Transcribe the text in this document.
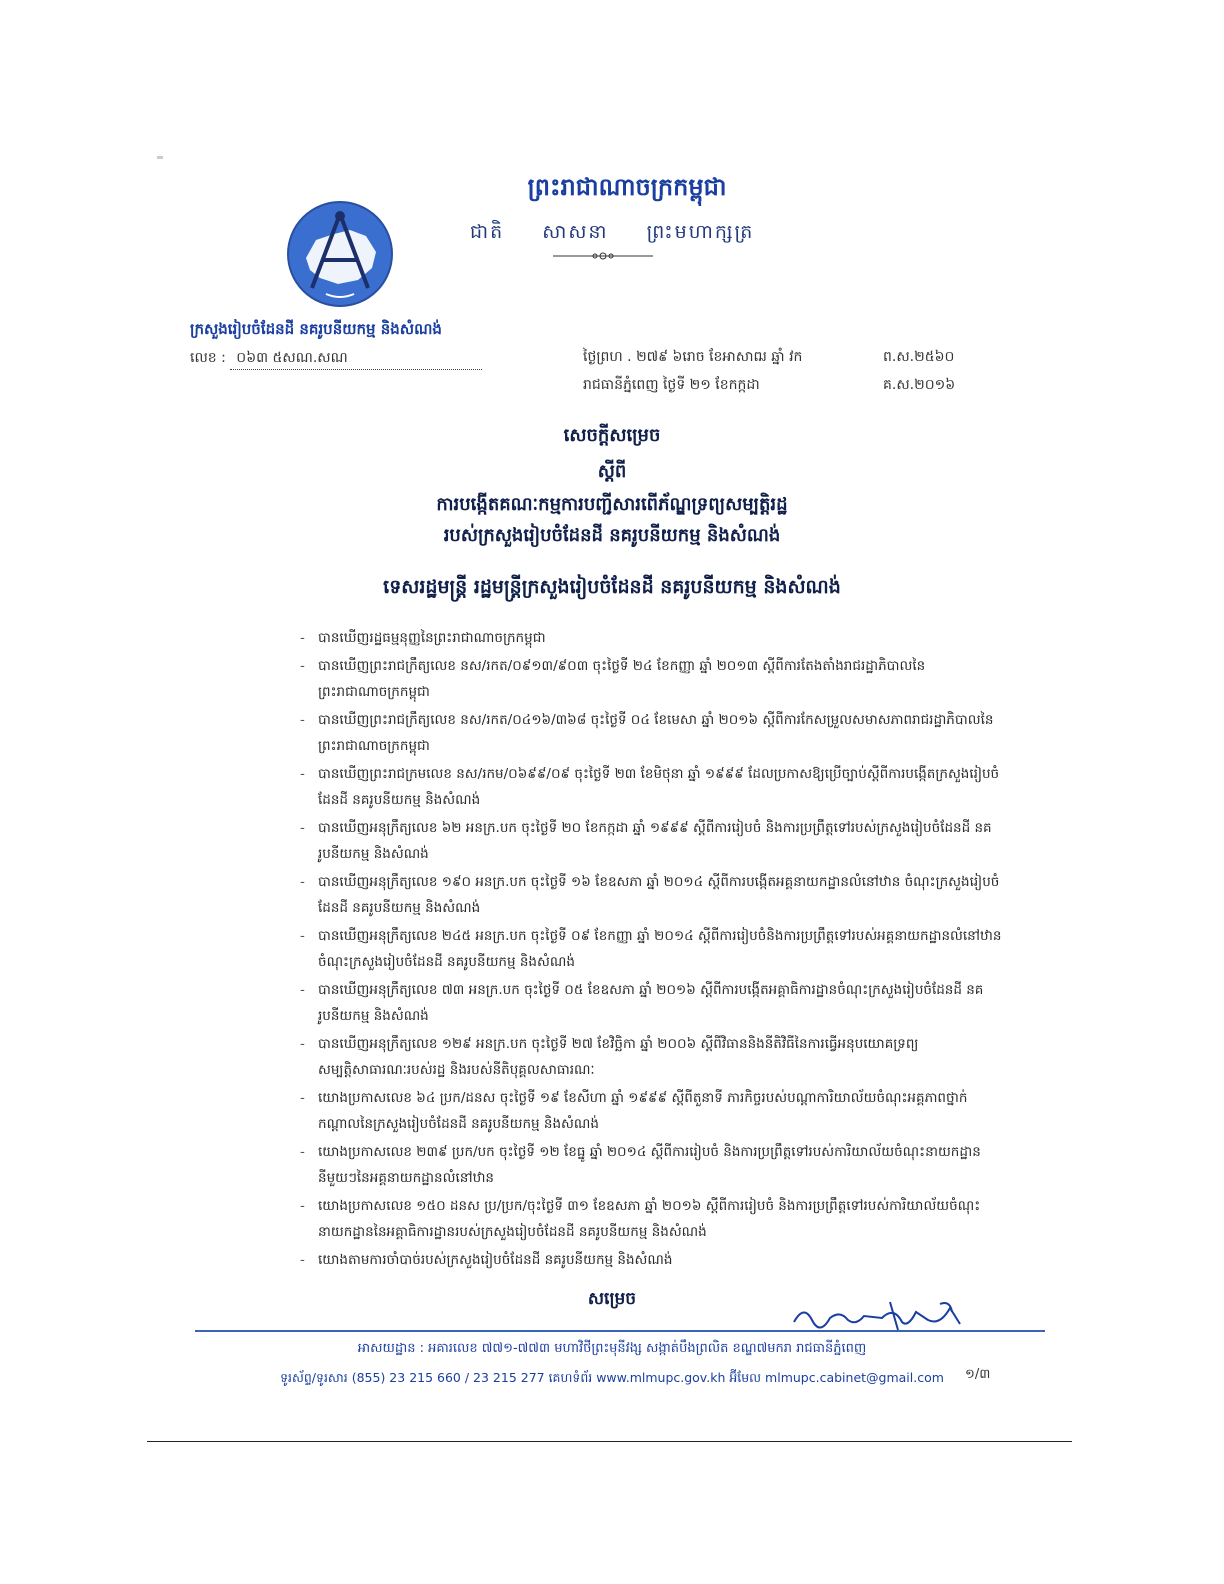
ព្រះរាជាណាចក្រកម្ពុជា
ជាតិ សាសនា ព្រះមហាក្សត្រ
ក្រសួងរៀបចំដែនដី នគរូបនីយកម្ម និងសំណង់
លេខ : ០៦៣ ៥សណ.សណ	ថ្ងៃព្រហ . ២៧៩ ៦រោច ខែអាសាឍ ឆ្នាំ វក	ព.ស.២៥៦០
រាជធានីភ្នំពេញ ថ្ងៃទី ២១ ខែកក្កដា	គ.ស.២០១៦
សេចក្តីសម្រេច
ស្តីពី
ការបង្កើតគណៈកម្មការបញ្ជីសារពើភ័ណ្ឌទ្រព្យសម្បត្តិរដ្ឋ
របស់ក្រសួងរៀបចំដែនដី នគរូបនីយកម្ម និងសំណង់
ទេសរដ្ឋមន្ត្រី រដ្ឋមន្ត្រីក្រសួងរៀបចំដែនដី នគរូបនីយកម្ម និងសំណង់
- បានឃើញរដ្ឋធម្មនុញ្ញនៃព្រះរាជាណាចក្រកម្ពុជា
- បានឃើញព្រះរាជក្រឹត្យលេខ នស/រកត/០៩១៣/៩០៣ ចុះថ្ងៃទី ២៤ ខែកញ្ញា ឆ្នាំ ២០១៣ ស្តីពីការតែងតាំងរាជរដ្ឋាភិបាលនៃព្រះរាជាណាចក្រកម្ពុជា
- បានឃើញព្រះរាជក្រឹត្យលេខ នស/រកត/០៤១៦/៣៦៨ ចុះថ្ងៃទី ០៤ ខែមេសា ឆ្នាំ ២០១៦ ស្តីពីការកែសម្រួលសមាសភាពរាជរដ្ឋាភិបាលនៃព្រះរាជាណាចក្រកម្ពុជា
- បានឃើញព្រះរាជក្រមលេខ នស/រកម/០៦៩៩/០៩ ចុះថ្ងៃទី ២៣ ខែមិថុនា ឆ្នាំ ១៩៩៩ ដែលប្រកាសឱ្យប្រើច្បាប់ស្តីពីការបង្កើតក្រសួងរៀបចំដែនដី នគរូបនីយកម្ម និងសំណង់
- បានឃើញអនុក្រឹត្យលេខ ៦២ អនក្រ.បក ចុះថ្ងៃទី ២០ ខែកក្កដា ឆ្នាំ ១៩៩៩ ស្តីពីការរៀបចំ និងការប្រព្រឹត្តទៅរបស់ក្រសួងរៀបចំដែនដី នគរូបនីយកម្ម និងសំណង់
- បានឃើញអនុក្រឹត្យលេខ ១៩០ អនក្រ.បក ចុះថ្ងៃទី ១៦ ខែឧសភា ឆ្នាំ ២០១៤ ស្តីពីការបង្កើតអគ្គនាយកដ្ឋានលំនៅឋាន ចំណុះក្រសួងរៀបចំដែនដី នគរូបនីយកម្ម និងសំណង់
- បានឃើញអនុក្រឹត្យលេខ ២៤៥ អនក្រ.បក ចុះថ្ងៃទី ០៩ ខែកញ្ញា ឆ្នាំ ២០១៤ ស្តីពីការរៀបចំនិងការប្រព្រឹត្តទៅរបស់អគ្គនាយកដ្ឋានលំនៅឋានចំណុះក្រសួងរៀបចំដែនដី នគរូបនីយកម្ម និងសំណង់
- បានឃើញអនុក្រឹត្យលេខ ៧៣ អនក្រ.បក ចុះថ្ងៃទី ០៥ ខែឧសភា ឆ្នាំ ២០១៦ ស្តីពីការបង្កើតអគ្គាធិការដ្ឋានចំណុះក្រសួងរៀបចំដែនដី នគរូបនីយកម្ម និងសំណង់
- បានឃើញអនុក្រឹត្យលេខ ១២៩ អនក្រ.បក ចុះថ្ងៃទី ២៧ ខែវិច្ឆិកា ឆ្នាំ ២០០៦ ស្តីពីវិធាននិងនីតិវិធីនៃការធ្វើអនុបយោគទ្រព្យសម្បត្តិសាធារណៈរបស់រដ្ឋ និងរបស់នីតិបុគ្គលសាធារណៈ
- យោងប្រកាសលេខ ៦៤ ប្រក/ដនស ចុះថ្ងៃទី ១៩ ខែសីហា ឆ្នាំ ១៩៩៩ ស្តីពីតួនាទី ភារកិច្ចរបស់បណ្តាការិយាល័យចំណុះអគ្គភាពថ្នាក់កណ្តាលនៃក្រសួងរៀបចំដែនដី នគរូបនីយកម្ម និងសំណង់
- យោងប្រកាសលេខ ២៣៩ ប្រក/បក ចុះថ្ងៃទី ១២ ខែធ្នូ ឆ្នាំ ២០១៤ ស្តីពីការរៀបចំ និងការប្រព្រឹត្តទៅរបស់ការិយាល័យចំណុះនាយកដ្ឋាននីមួយៗនៃអគ្គនាយកដ្ឋានលំនៅឋាន
- យោងប្រកាសលេខ ១៥០ ដនស ប្រ/ប្រក/ចុះថ្ងៃទី ៣១ ខែឧសភា ឆ្នាំ ២០១៦ ស្តីពីការរៀបចំ និងការប្រព្រឹត្តទៅរបស់ការិយាល័យចំណុះនាយកដ្ឋាននៃអគ្គាធិការដ្ឋានរបស់ក្រសួងរៀបចំដែនដី នគរូបនីយកម្ម និងសំណង់
- យោងតាមការចាំបាច់របស់ក្រសួងរៀបចំដែនដី នគរូបនីយកម្ម និងសំណង់
សម្រេច
អាសយដ្ឋាន : អគារលេខ ៧៧១-៧៧៣ មហាវិថីព្រះមុនីវង្ស សង្កាត់បឹងព្រលិត ខណ្ឌ៧មករា រាជធានីភ្នំពេញ
ទូរស័ព្ទ/ទូរសារ (855) 23 215 660 / 23 215 277 គេហទំព័រ www.mlmupc.gov.kh អ៊ីមែល mlmupc.cabinet@gmail.com	១/៣
